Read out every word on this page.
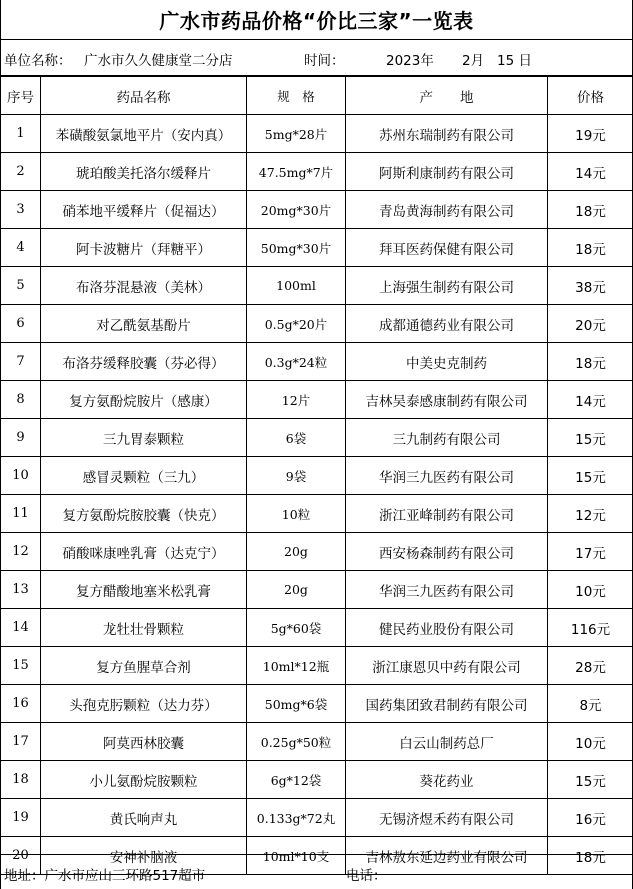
广水市药品价格“价比三家”一览表
单位名称： 广水市久久健康堂二分店	时间：	2023年 2月 15 日
序号	药品名称	规　格	产　　地	价格
1	苯磺酸氨氯地平片（安内真）	5mg*28片	苏州东瑞制药有限公司	19元
2	琥珀酸美托洛尔缓释片	47.5mg*7片	阿斯利康制药有限公司	14元
3	硝苯地平缓释片（促福达）	20mg*30片	青岛黄海制药有限公司	18元
4	阿卡波糖片（拜糖平）	50mg*30片	拜耳医药保健有限公司	18元
5	布洛芬混悬液（美林）	100ml	上海强生制药有限公司	38元
6	对乙酰氨基酚片	0.5g*20片	成都通德药业有限公司	20元
7	布洛芬缓释胶囊（芬必得）	0.3g*24粒	中美史克制药	18元
8	复方氨酚烷胺片（感康）	12片	吉林吴泰感康制药有限公司	14元
9	三九胃泰颗粒	6袋	三九制药有限公司	15元
10	感冒灵颗粒（三九）	9袋	华润三九医药有限公司	15元
11	复方氨酚烷胺胶囊（快克）	10粒	浙江亚峰制药有限公司	12元
12	硝酸咪康唑乳膏（达克宁）	20g	西安杨森制药有限公司	17元
13	复方醋酸地塞米松乳膏	20g	华润三九医药有限公司	10元
14	龙牡壮骨颗粒	5g*60袋	健民药业股份有限公司	116元
15	复方鱼腥草合剂	10ml*12瓶	浙江康恩贝中药有限公司	28元
16	头孢克肟颗粒（达力芬）	50mg*6袋	国药集团致君制药有限公司	8元
17	阿莫西林胶囊	0.25g*50粒	白云山制药总厂	10元
18	小儿氨酚烷胺颗粒	6g*12袋	葵花药业	15元
19	黄氏响声丸	0.133g*72丸	无锡济煜禾药有限公司	16元
20	安神补脑液	10ml*10支	吉林敖东延边药业有限公司	18元
地址：广水市应山三环路517超市	电话：
